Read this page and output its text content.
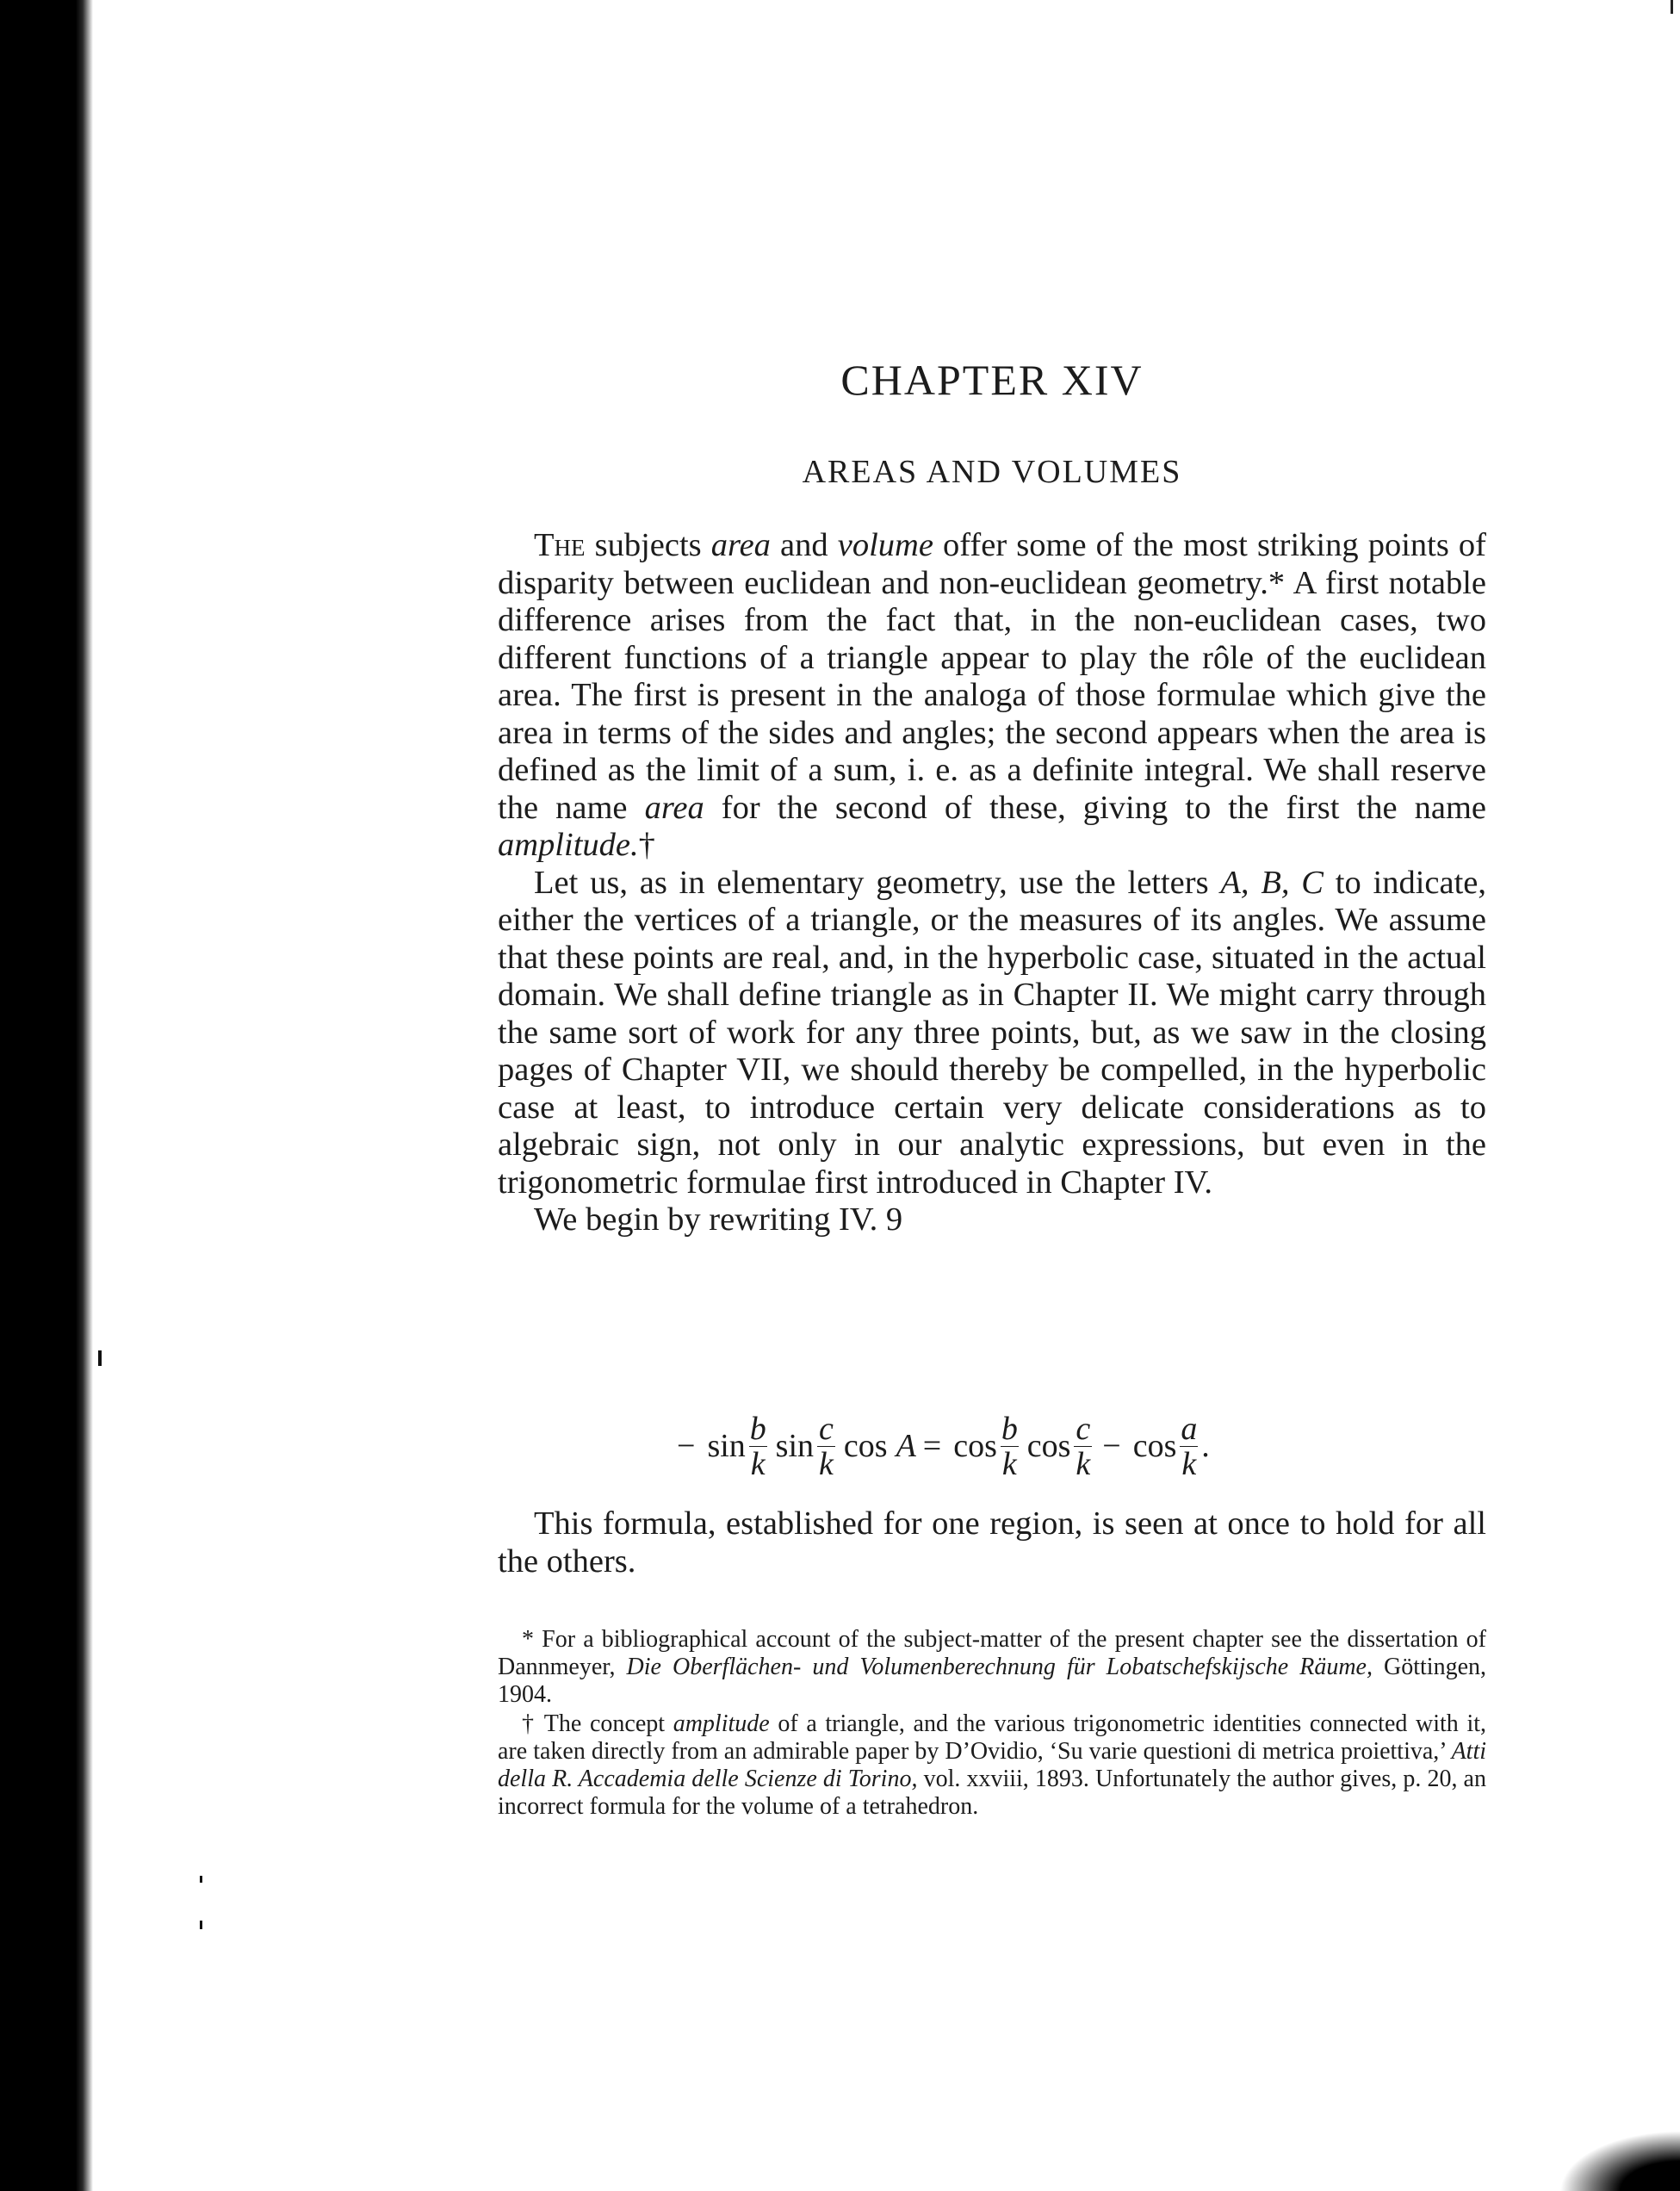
CHAPTER XIV
AREAS AND VOLUMES

The subjects area and volume offer some of the most striking points of disparity between euclidean and non-euclidean geometry.* A first notable difference arises from the fact that, in the non-euclidean cases, two different functions of a triangle appear to play the rôle of the euclidean area. The first is present in the analoga of those formulae which give the area in terms of the sides and angles; the second appears when the area is defined as the limit of a sum, i. e. as a definite integral. We shall reserve the name area for the second of these, giving to the first the name amplitude.†

Let us, as in elementary geometry, use the letters A, B, C to indicate, either the vertices of a triangle, or the measures of its angles. We assume that these points are real, and, in the hyperbolic case, situated in the actual domain. We shall define triangle as in Chapter II. We might carry through the same sort of work for any three points, but, as we saw in the closing pages of Chapter VII, we should thereby be compelled, in the hyperbolic case at least, to introduce certain very delicate considerations as to algebraic sign, not only in our analytic expressions, but even in the trigonometric formulae first introduced in Chapter IV.

We begin by rewriting IV. 9

− $\sin \frac{b}{k}$ $\sin \frac{c}{k}$ $\cos A = \cos \frac{b}{k}$ $\cos \frac{c}{k} - \cos \frac{a}{k}$ .

This formula, established for one region, is seen at once to hold for all the others.

* For a bibliographical account of the subject-matter of the present chapter see the dissertation of Dannmeyer, Die Oberflächen- und Volumenberechnung für Lobatschefskijsche Räume, Göttingen, 1904.

† The concept amplitude of a triangle, and the various trigonometric identities connected with it, are taken directly from an admirable paper by D’Ovidio, ‘Su varie questioni di metrica proiettiva,’ Atti della R. Accademia delle Scienze di Torino, vol. xxviii, 1893. Unfortunately the author gives, p. 20, an incorrect formula for the volume of a tetrahedron.
